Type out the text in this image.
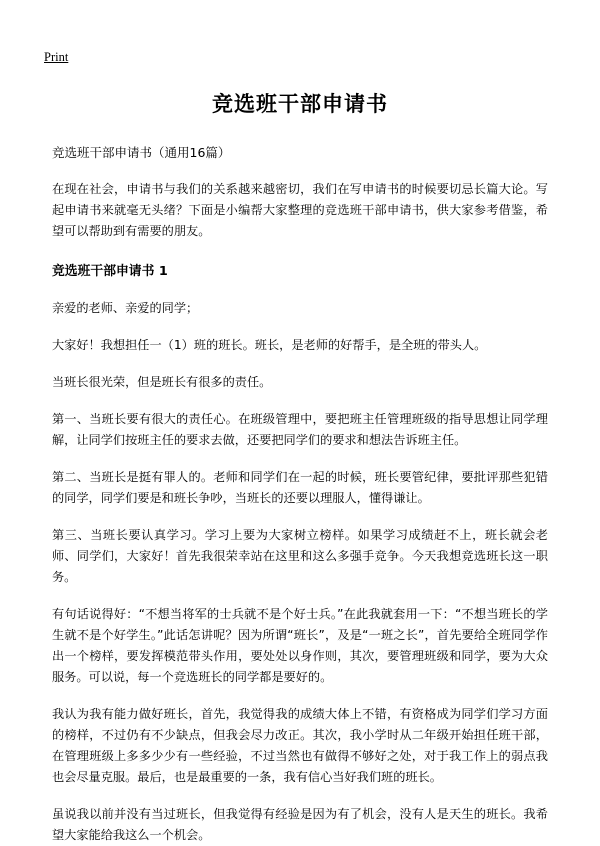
Print
竞选班干部申请书
竞选班干部申请书（通用16篇）

在现在社会，申请书与我们的关系越来越密切，我们在写申请书的时候要切忌长篇大论。写起申请书来就毫无头绪？下面是小编帮大家整理的竞选班干部申请书，供大家参考借鉴，希望可以帮助到有需要的朋友。

竞选班干部申请书 1

亲爱的老师、亲爱的同学；

大家好！我想担任一（1）班的班长。班长，是老师的好帮手，是全班的带头人。

当班长很光荣，但是班长有很多的责任。

第一、当班长要有很大的责任心。在班级管理中，要把班主任管理班级的指导思想让同学理解，让同学们按班主任的要求去做，还要把同学们的要求和想法告诉班主任。

第二、当班长是挺有罪人的。老师和同学们在一起的时候，班长要管纪律，要批评那些犯错的同学，同学们要是和班长争吵，当班长的还要以理服人，懂得谦让。

第三、当班长要认真学习。学习上要为大家树立榜样。如果学习成绩赶不上，班长就会老师、同学们，大家好！首先我很荣幸站在这里和这么多强手竞争。今天我想竞选班长这一职务。

有句话说得好：“不想当将军的士兵就不是个好士兵。”在此我就套用一下：“不想当班长的学生就不是个好学生。”此话怎讲呢？因为所谓“班长”，及是“一班之长”，首先要给全班同学作出一个榜样，要发挥模范带头作用，要处处以身作则，其次，要管理班级和同学，要为大众服务。可以说，每一个竞选班长的同学都是要好的。

我认为我有能力做好班长，首先，我觉得我的成绩大体上不错，有资格成为同学们学习方面的榜样，不过仍有不少缺点，但我会尽力改正。其次，我小学时从二年级开始担任班干部，在管理班级上多多少少有一些经验，不过当然也有做得不够好之处，对于我工作上的弱点我也会尽量克服。最后，也是最重要的一条，我有信心当好我们班的班长。

虽说我以前并没有当过班长，但我觉得有经验是因为有了机会，没有人是天生的班长。我希望大家能给我这么一个机会。
